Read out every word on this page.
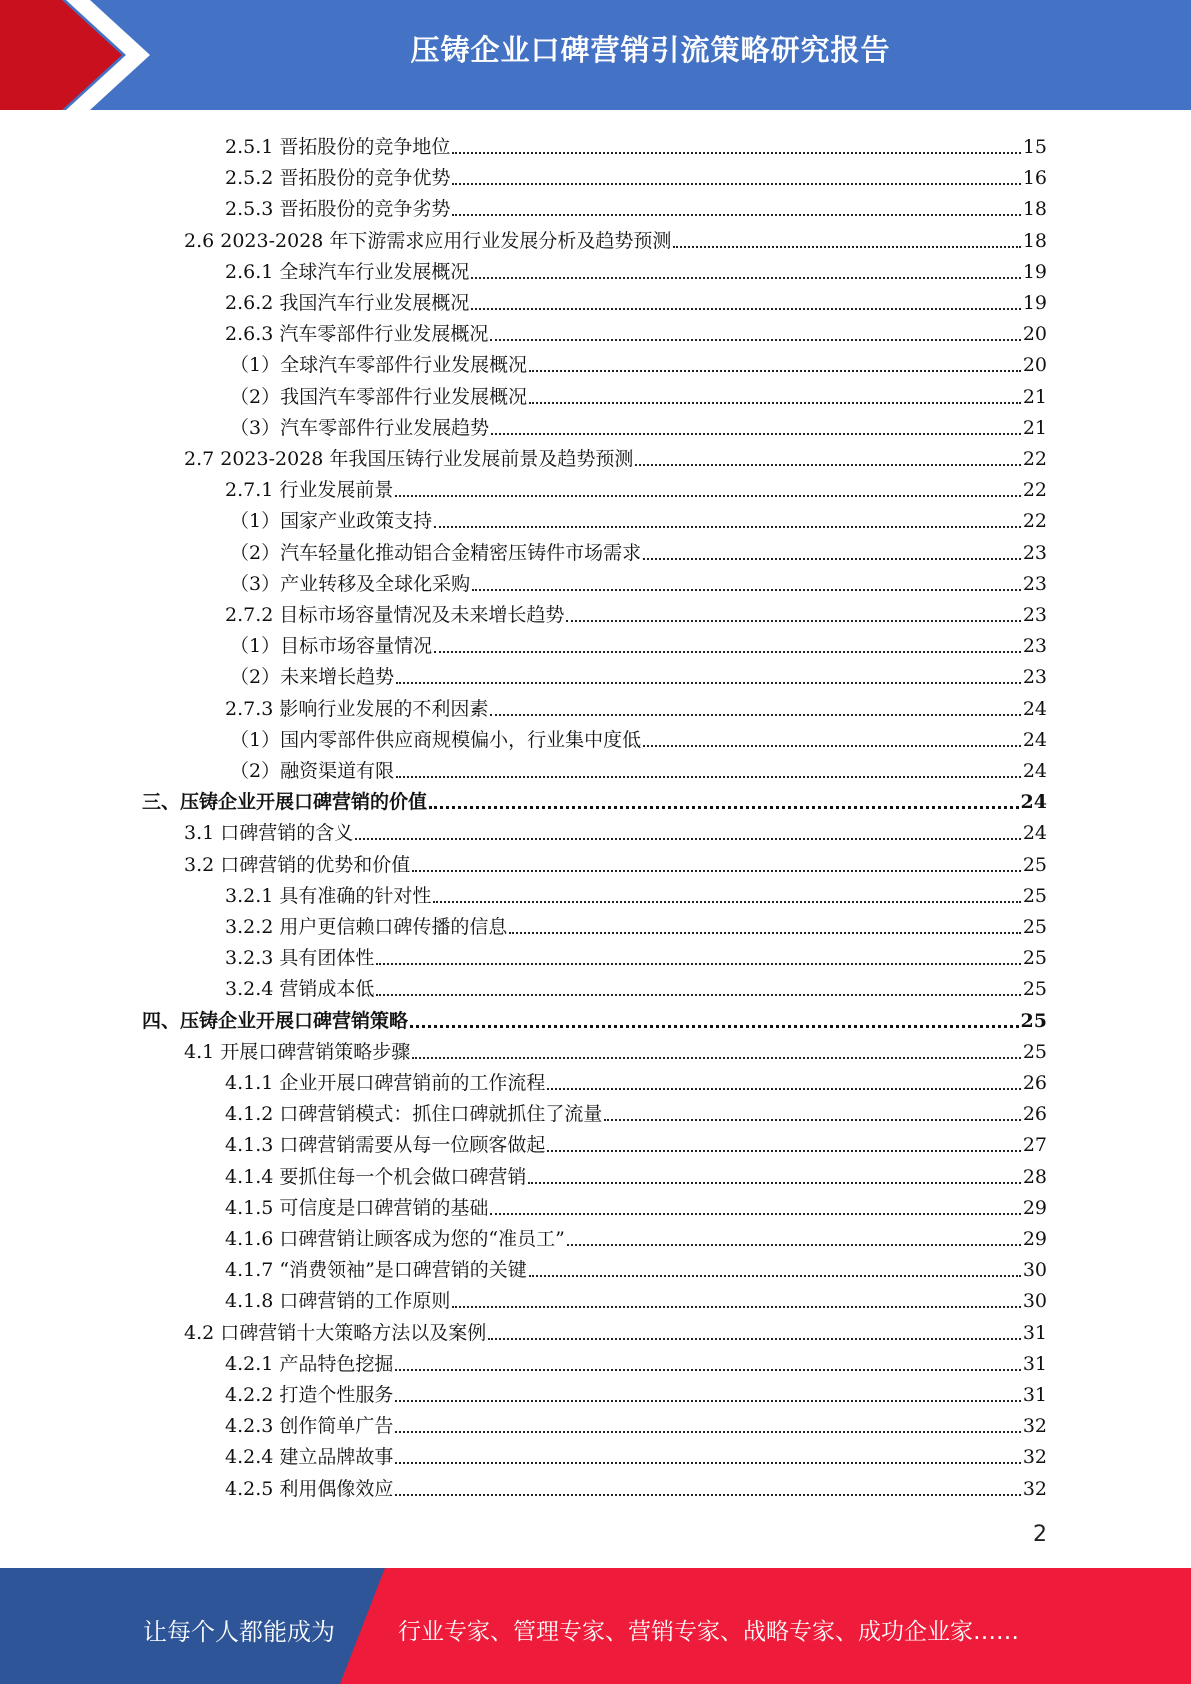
压铸企业口碑营销引流策略研究报告
2.5.1 晋拓股份的竞争地位	15
2.5.2 晋拓股份的竞争优势	16
2.5.3 晋拓股份的竞争劣势	18
2.6 2023-2028 年下游需求应用行业发展分析及趋势预测	18
2.6.1 全球汽车行业发展概况	19
2.6.2 我国汽车行业发展概况	19
2.6.3 汽车零部件行业发展概况	20
（1）全球汽车零部件行业发展概况	20
（2）我国汽车零部件行业发展概况	21
（3）汽车零部件行业发展趋势	21
2.7 2023-2028 年我国压铸行业发展前景及趋势预测	22
2.7.1 行业发展前景	22
（1）国家产业政策支持	22
（2）汽车轻量化推动铝合金精密压铸件市场需求	23
（3）产业转移及全球化采购	23
2.7.2 目标市场容量情况及未来增长趋势	23
（1）目标市场容量情况	23
（2）未来增长趋势	23
2.7.3 影响行业发展的不利因素	24
（1）国内零部件供应商规模偏小，行业集中度低	24
（2）融资渠道有限	24
三、压铸企业开展口碑营销的价值	24
3.1 口碑营销的含义	24
3.2 口碑营销的优势和价值	25
3.2.1 具有准确的针对性	25
3.2.2 用户更信赖口碑传播的信息	25
3.2.3 具有团体性	25
3.2.4 营销成本低	25
四、压铸企业开展口碑营销策略	25
4.1 开展口碑营销策略步骤	25
4.1.1 企业开展口碑营销前的工作流程	26
4.1.2 口碑营销模式：抓住口碑就抓住了流量	26
4.1.3 口碑营销需要从每一位顾客做起	27
4.1.4 要抓住每一个机会做口碑营销	28
4.1.5 可信度是口碑营销的基础	29
4.1.6 口碑营销让顾客成为您的“准员工”	29
4.1.7 “消费领袖”是口碑营销的关键	30
4.1.8 口碑营销的工作原则	30
4.2 口碑营销十大策略方法以及案例	31
4.2.1 产品特色挖掘	31
4.2.2 打造个性服务	31
4.2.3 创作简单广告	32
4.2.4 建立品牌故事	32
4.2.5 利用偶像效应	32
2
让每个人都能成为	行业专家、管理专家、营销专家、战略专家、成功企业家……
